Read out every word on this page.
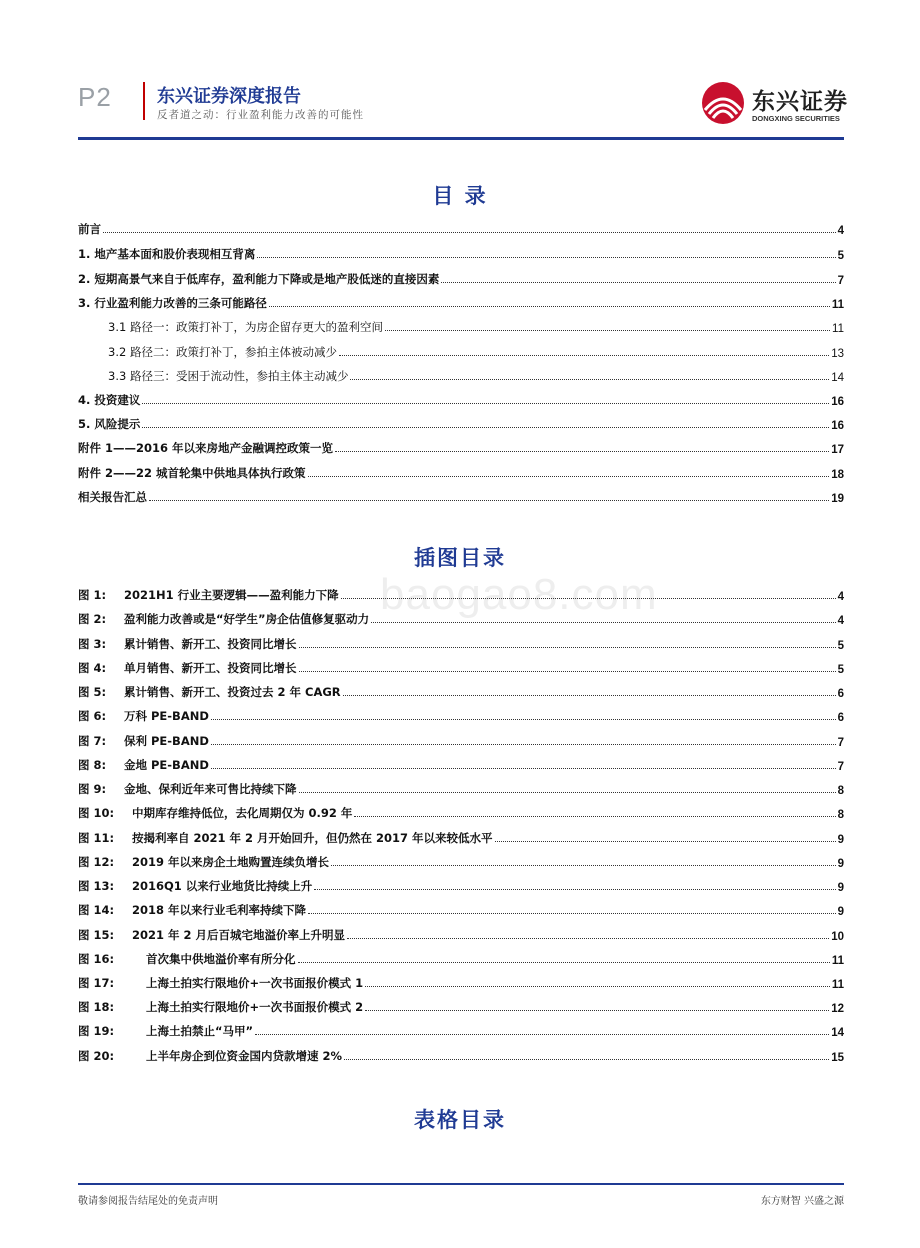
P2	东兴证券深度报告
反者道之动：行业盈利能力改善的可能性	东兴证券
DONGXING SECURITIES
目 录
前言	4
1. 地产基本面和股价表现相互背离	5
2. 短期高景气来自于低库存，盈利能力下降或是地产股低迷的直接因素	7
3. 行业盈利能力改善的三条可能路径	11
3.1 路径一：政策打补丁，为房企留存更大的盈利空间	11
3.2 路径二：政策打补丁，参拍主体被动减少	13
3.3 路径三：受困于流动性，参拍主体主动减少	14
4. 投资建议	16
5. 风险提示	16
附件 1——2016 年以来房地产金融调控政策一览	17
附件 2——22 城首轮集中供地具体执行政策	18
相关报告汇总	19
插图目录
图 1:	2021H1 行业主要逻辑——盈利能力下降	4
图 2:	盈利能力改善或是“好学生”房企估值修复驱动力	4
图 3:	累计销售、新开工、投资同比增长	5
图 4:	单月销售、新开工、投资同比增长	5
图 5:	累计销售、新开工、投资过去 2 年 CAGR	6
图 6:	万科 PE-BAND	6
图 7:	保利 PE-BAND	7
图 8:	金地 PE-BAND	7
图 9:	金地、保利近年来可售比持续下降	8
图 10:	中期库存维持低位，去化周期仅为 0.92 年	8
图 11:	按揭利率自 2021 年 2 月开始回升，但仍然在 2017 年以来较低水平	9
图 12:	2019 年以来房企土地购置连续负增长	9
图 13:	2016Q1 以来行业地货比持续上升	9
图 14:	2018 年以来行业毛利率持续下降	9
图 15:	2021 年 2 月后百城宅地溢价率上升明显	10
图 16:	首次集中供地溢价率有所分化	11
图 17:	上海土拍实行限地价+一次书面报价模式 1	11
图 18:	上海土拍实行限地价+一次书面报价模式 2	12
图 19:	上海土拍禁止“马甲”	14
图 20:	上半年房企到位资金国内贷款增速 2%	15
baogao8.com
表格目录
敬请参阅报告结尾处的免责声明	东方财智 兴盛之源
